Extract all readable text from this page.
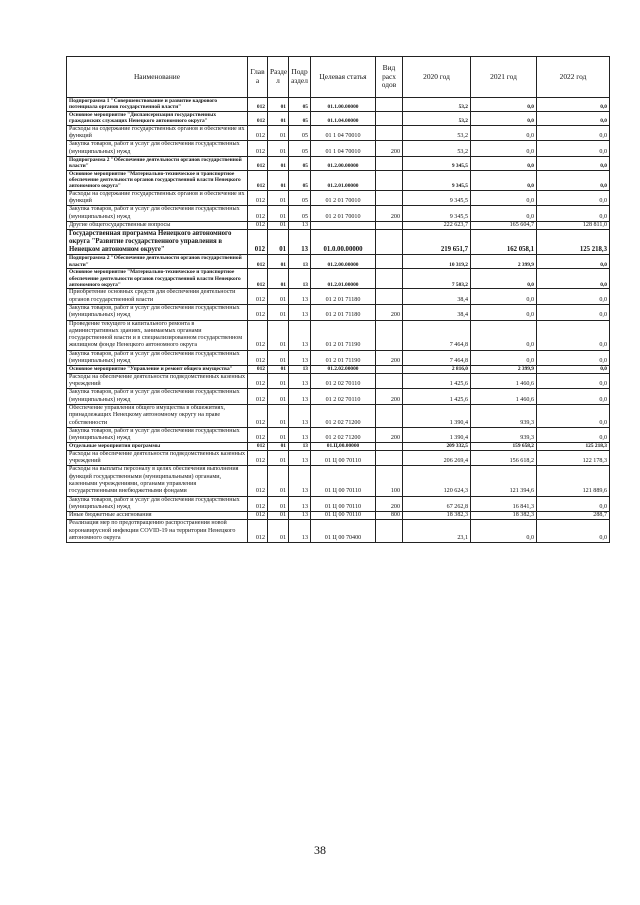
Наименование	Глав а	Разде л	Подр аздел	Целевая статья	Вид расх одов	2020 год	2021 год	2022 год
Подпрограмма 1 "Совершенствование и развитие кадрового потенциала органов государственной власти"	012	01	05	01.1.00.00000		53,2	0,0	0,0
Основное мероприятие "Диспансеризация государственных гражданских служащих Ненецкого автономного округа"	012	01	05	01.1.04.00000		53,2	0,0	0,0
Расходы на содержание государственных органов и обеспечение их функций	012	01	05	01 1 04 70010		53,2	0,0	0,0
Закупка товаров, работ и услуг для обеспечения государственных (муниципальных) нужд	012	01	05	01 1 04 70010	200	53,2	0,0	0,0
Подпрограмма 2 "Обеспечение деятельности органов государственной власти"	012	01	05	01.2.00.00000		9 345,5	0,0	0,0
Основное мероприятие "Материально-техническое и транспортное обеспечение деятельности органов государственной власти Ненецкого автономного округа"	012	01	05	01.2.01.00000		9 345,5	0,0	0,0
Расходы на содержание государственных органов и обеспечение их функций	012	01	05	01 2 01 70010		9 345,5	0,0	0,0
Закупка товаров, работ и услуг для обеспечения государственных (муниципальных) нужд	012	01	05	01 2 01 70010	200	9 345,5	0,0	0,0
Другие общегосударственные вопросы	012	01	13			222 623,7	165 604,7	128 811,0
Государственная программа Ненецкого автономного округа "Развитие государственного управления в Ненецком автономном округе"	012	01	13	01.0.00.00000		219 651,7	162 058,1	125 218,3
Подпрограмма 2 "Обеспечение деятельности органов государственной власти"	012	01	13	01.2.00.00000		10 319,2	2 399,9	0,0
Основное мероприятие "Материально-техническое и транспортное обеспечение деятельности органов государственной власти Ненецкого автономного округа"	012	01	13	01.2.01.00000		7 503,2	0,0	0,0
Приобретение основных средств для обеспечения деятельности органов государственной власти	012	01	13	01 2 01 71180		38,4	0,0	0,0
Закупка товаров, работ и услуг для обеспечения государственных (муниципальных) нужд	012	01	13	01 2 01 71180	200	38,4	0,0	0,0
Проведение текущего и капитального ремонта в административных зданиях, занимаемых органами государственной власти и в специализированном государственном жилищном фонде Ненецкого автономного округа	012	01	13	01 2 01 71190		7 464,8	0,0	0,0
Закупка товаров, работ и услуг для обеспечения государственных (муниципальных) нужд	012	01	13	01 2 01 71190	200	7 464,8	0,0	0,0
Основное мероприятие "Управление и ремонт общего имущества"	012	01	13	01.2.02.00000		2 816,0	2 399,9	0,0
Расходы на обеспечение деятельности подведомственных казенных учреждений	012	01	13	01 2 02 70110		1 425,6	1 460,6	0,0
Закупка товаров, работ и услуг для обеспечения государственных (муниципальных) нужд	012	01	13	01 2 02 70110	200	1 425,6	1 460,6	0,0
Обеспечение управления общего имущества в обшежитиях, принадлежащих Ненецкому автономному округу на праве собственности	012	01	13	01 2 02 71200		1 390,4	939,3	0,0
Закупка товаров, работ и услуг для обеспечения государственных (муниципальных) нужд	012	01	13	01 2 02 71200	200	1 390,4	939,3	0,0
Отдельные мероприятия программы	012	01	13	01.Ц.00.00000		209 332,5	159 658,2	125 218,3
Расходы на обеспечение деятельности подведомственных казенных учреждений	012	01	13	01 Ц 00 70110		206 269,4	156 618,2	122 178,3
Расходы на выплаты персоналу в целях обеспечения выполнения функций государственными (муниципальными) органами, казенными учреждениями, органами управления государственными внебюджетными фондами	012	01	13	01 Ц 00 70110	100	120 624,3	121 394,6	121 889,6
Закупка товаров, работ и услуг для обеспечения государственных (муниципальных) нужд	012	01	13	01 Ц 00 70110	200	67 262,8	16 841,3	0,0
Иные бюджетные ассигнования	012	01	13	01 Ц 00 70110	800	18 382,3	18 382,3	288,7
Реализация мер по предотвращению распространения новой коронавирусной инфекции COVID-19 на территории Ненецкого автономного округа	012	01	13	01 Ц 00 70400		23,1	0,0	0,0
38
